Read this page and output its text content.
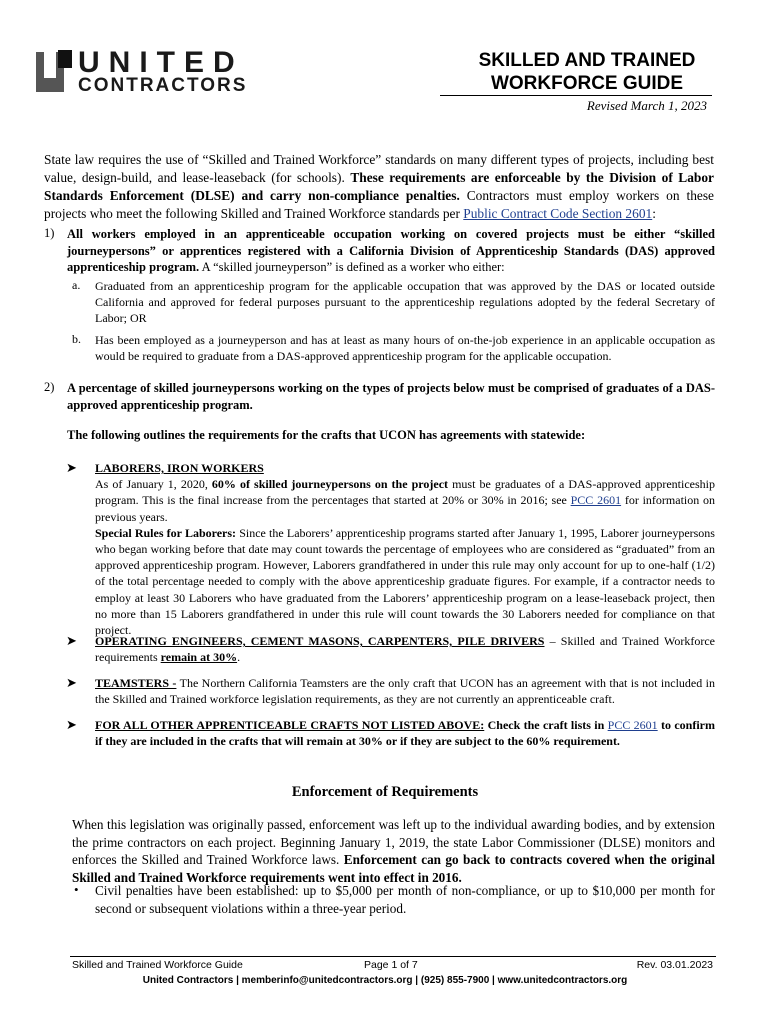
UNITED
CONTRACTORS
SKILLED AND TRAINED
WORKFORCE GUIDE
Revised March 1, 2023
State law requires the use of “Skilled and Trained Workforce” standards on many different types of projects, including best value, design-build, and lease-leaseback (for schools). These requirements are enforceable by the Division of Labor Standards Enforcement (DLSE) and carry non-compliance penalties. Contractors must employ workers on these projects who meet the following Skilled and Trained Workforce standards per Public Contract Code Section 2601:
1) All workers employed in an apprenticeable occupation working on covered projects must be either “skilled journeypersons” or apprentices registered with a California Division of Apprenticeship Standards (DAS) approved apprenticeship program. A “skilled journeyperson” is defined as a worker who either:
a. Graduated from an apprenticeship program for the applicable occupation that was approved by the DAS or located outside California and approved for federal purposes pursuant to the apprenticeship regulations adopted by the federal Secretary of Labor; OR
b. Has been employed as a journeyperson and has at least as many hours of on-the-job experience in an applicable occupation as would be required to graduate from a DAS-approved apprenticeship program for the applicable occupation.
2) A percentage of skilled journeypersons working on the types of projects below must be comprised of graduates of a DAS-approved apprenticeship program.
The following outlines the requirements for the crafts that UCON has agreements with statewide:
➤ LABORERS, IRON WORKERS
As of January 1, 2020, 60% of skilled journeypersons on the project must be graduates of a DAS-approved apprenticeship program. This is the final increase from the percentages that started at 20% or 30% in 2016; see PCC 2601 for information on previous years.
Special Rules for Laborers: Since the Laborers’ apprenticeship programs started after January 1, 1995, Laborer journeypersons who began working before that date may count towards the percentage of employees who are considered as “graduated” from an approved apprenticeship program. However, Laborers grandfathered in under this rule may only account for up to one-half (1/2) of the total percentage needed to comply with the above apprenticeship graduate figures. For example, if a contractor needs to employ at least 30 Laborers who have graduated from the Laborers’ apprenticeship program on a lease-leaseback project, then no more than 15 Laborers grandfathered in under this rule will count towards the 30 Laborers needed for compliance on that project.
➤ OPERATING ENGINEERS, CEMENT MASONS, CARPENTERS, PILE DRIVERS – Skilled and Trained Workforce requirements remain at 30%.
➤ TEAMSTERS - The Northern California Teamsters are the only craft that UCON has an agreement with that is not included in the Skilled and Trained workforce legislation requirements, as they are not currently an apprenticeable craft.
➤ FOR ALL OTHER APPRENTICEABLE CRAFTS NOT LISTED ABOVE: Check the craft lists in PCC 2601 to confirm if they are included in the crafts that will remain at 30% or if they are subject to the 60% requirement.
Enforcement of Requirements
When this legislation was originally passed, enforcement was left up to the individual awarding bodies, and by extension the prime contractors on each project. Beginning January 1, 2019, the state Labor Commissioner (DLSE) monitors and enforces the Skilled and Trained Workforce laws. Enforcement can go back to contracts covered when the original Skilled and Trained Workforce requirements went into effect in 2016.
• Civil penalties have been established: up to $5,000 per month of non-compliance, or up to $10,000 per month for second or subsequent violations within a three-year period.
Skilled and Trained Workforce Guide	Page 1 of 7	Rev. 03.01.2023
United Contractors | memberinfo@unitedcontractors.org | (925) 855-7900 | www.unitedcontractors.org
